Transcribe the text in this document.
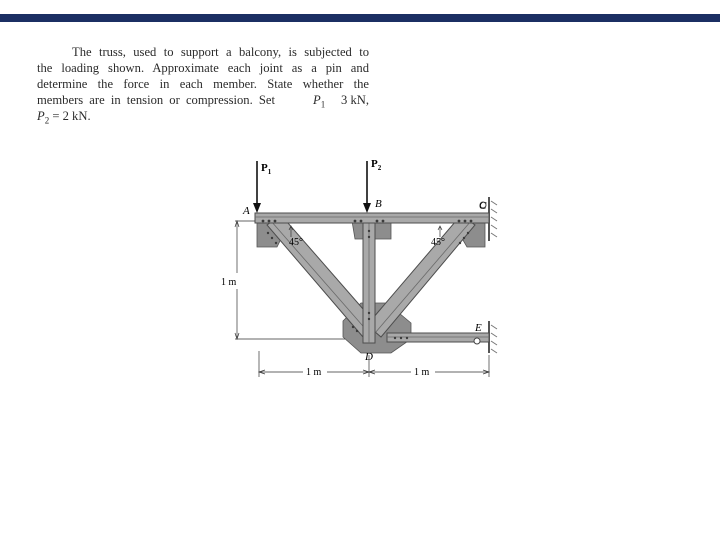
The truss, used to support a balcony, is subjected to
the loading shown. Approximate each joint as a pin and
determine the force in each member. State whether the
members are in tension or compression. Set	$P_1$ 3 kN,
$P_2 = 2$ kN.
$P_1$
$P_2$
A
B	C
D
E
45°	45°
1 m
1 m	1 m
